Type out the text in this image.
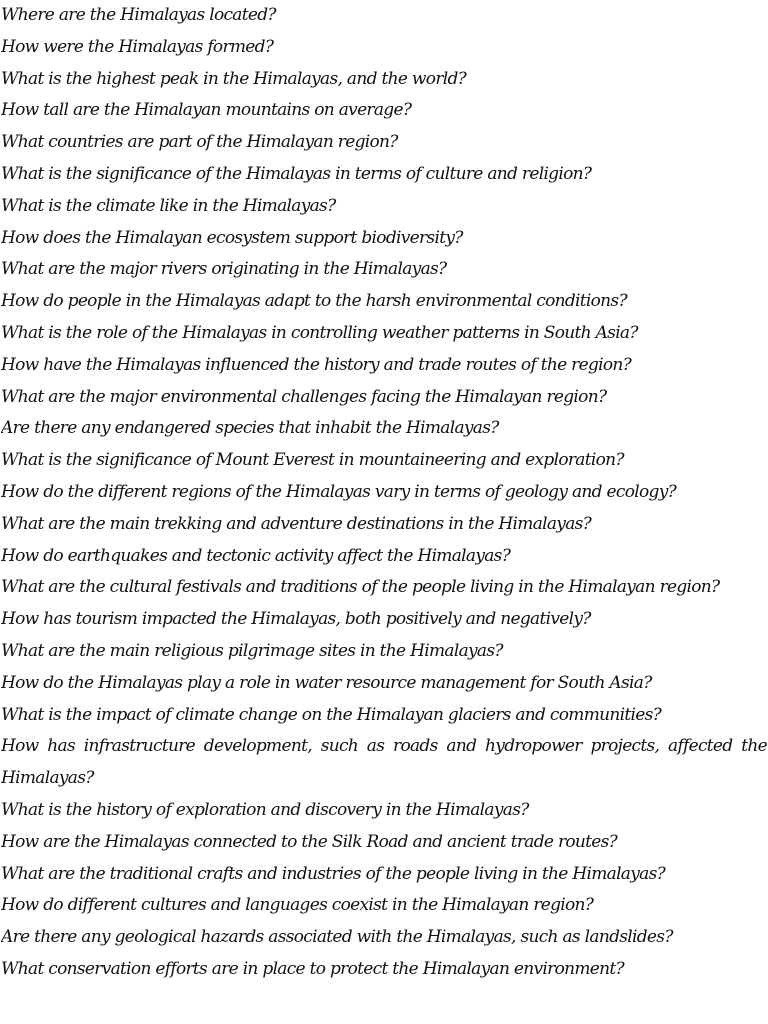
Where are the Himalayas located?
How were the Himalayas formed?
What is the highest peak in the Himalayas, and the world?
How tall are the Himalayan mountains on average?
What countries are part of the Himalayan region?
What is the significance of the Himalayas in terms of culture and religion?
What is the climate like in the Himalayas?
How does the Himalayan ecosystem support biodiversity?
What are the major rivers originating in the Himalayas?
How do people in the Himalayas adapt to the harsh environmental conditions?
What is the role of the Himalayas in controlling weather patterns in South Asia?
How have the Himalayas influenced the history and trade routes of the region?
What are the major environmental challenges facing the Himalayan region?
Are there any endangered species that inhabit the Himalayas?
What is the significance of Mount Everest in mountaineering and exploration?
How do the different regions of the Himalayas vary in terms of geology and ecology?
What are the main trekking and adventure destinations in the Himalayas?
How do earthquakes and tectonic activity affect the Himalayas?
What are the cultural festivals and traditions of the people living in the Himalayan region?
How has tourism impacted the Himalayas, both positively and negatively?
What are the main religious pilgrimage sites in the Himalayas?
How do the Himalayas play a role in water resource management for South Asia?
What is the impact of climate change on the Himalayan glaciers and communities?
How has infrastructure development, such as roads and hydropower projects, affected the Himalayas?
What is the history of exploration and discovery in the Himalayas?
How are the Himalayas connected to the Silk Road and ancient trade routes?
What are the traditional crafts and industries of the people living in the Himalayas?
How do different cultures and languages coexist in the Himalayan region?
Are there any geological hazards associated with the Himalayas, such as landslides?
What conservation efforts are in place to protect the Himalayan environment?
